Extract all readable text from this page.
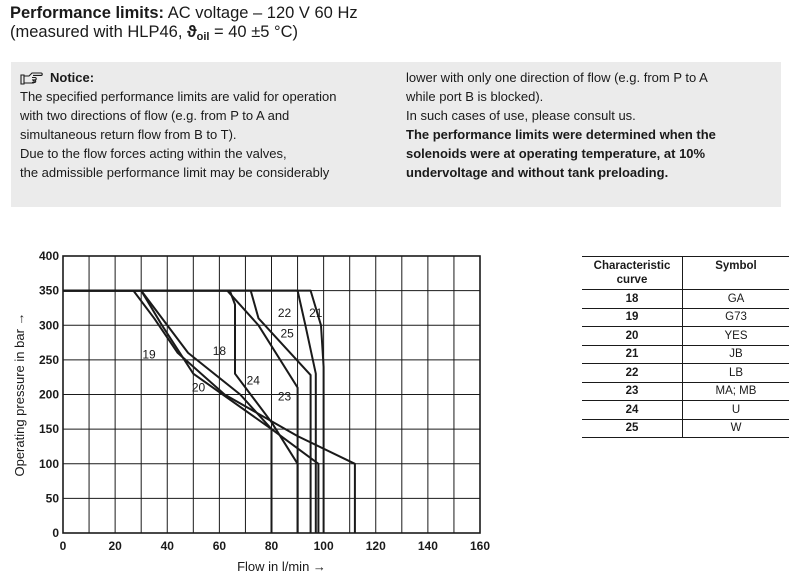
Performance limits: AC voltage – 120 V 60 Hz
(measured with HLP46, ϑoil = 40 ±5 °C)
Notice:
The specified performance limits are valid for operation
with two directions of flow (e.g. from P to A and
simultaneous return flow from B to T).
Due to the flow forces acting within the valves,
the admissible performance limit may be considerably
lower with only one direction of flow (e.g. from P to A
while port B is blocked).
In such cases of use, please consult us.
The performance limits were determined when the
solenoids were at operating temperature, at 10%
undervoltage and without tank preloading.
0	20	40	60	80	100	120	140	160
0
50
100
150
200
250
300
350
400
19
20
18
24
23
25
22 21
Flow in l/min →
Operating pressure in bar →
Characteristic curve	Symbol
18	GA
19	G73
20	YES
21	JB
22	LB
23	MA; MB
24	U
25	W
